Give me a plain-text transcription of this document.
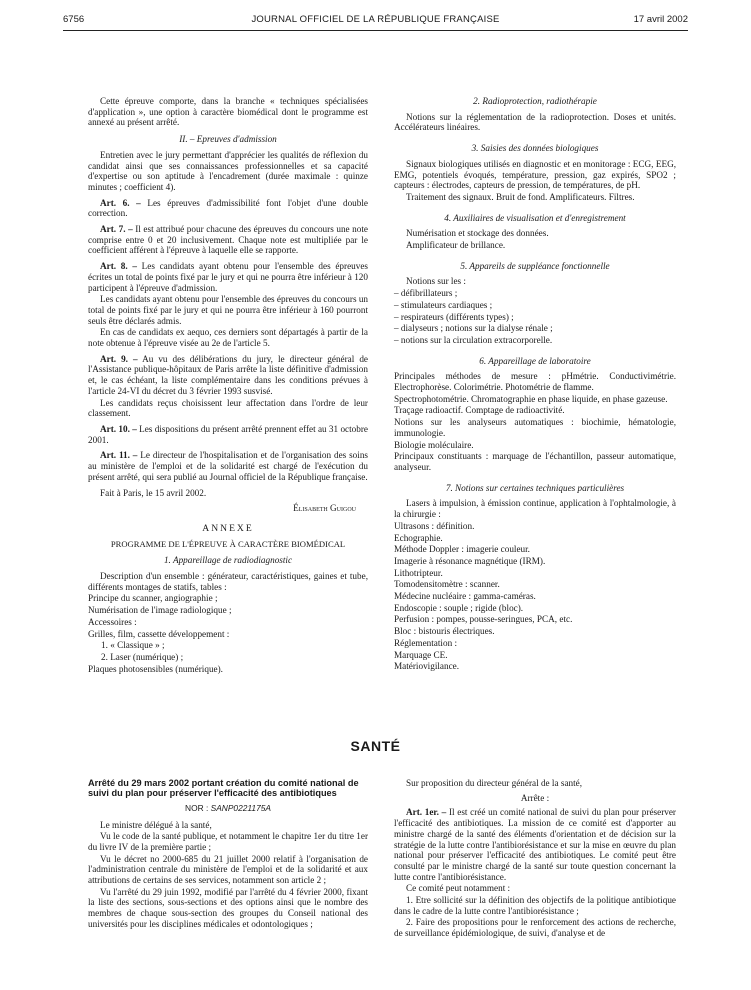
6756	JOURNAL OFFICIEL DE LA RÉPUBLIQUE FRANÇAISE	17 avril 2002

Cette épreuve comporte, dans la branche « techniques spécialisées d'application », une option à caractère biomédical dont le programme est annexé au présent arrêté.

II. – Epreuves d'admission

Entretien avec le jury permettant d'apprécier les qualités de réflexion du candidat ainsi que ses connaissances professionnelles et sa capacité d'expertise ou son aptitude à l'encadrement (durée maximale : quinze minutes ; coefficient 4).

Art. 6. – Les épreuves d'admissibilité font l'objet d'une double correction.

Art. 7. – Il est attribué pour chacune des épreuves du concours une note comprise entre 0 et 20 inclusivement. Chaque note est multipliée par le coefficient afférent à l'épreuve à laquelle elle se rapporte.

Art. 8. – Les candidats ayant obtenu pour l'ensemble des épreuves écrites un total de points fixé par le jury et qui ne pourra être inférieur à 120 participent à l'épreuve d'admission.

Les candidats ayant obtenu pour l'ensemble des épreuves du concours un total de points fixé par le jury et qui ne pourra être inférieur à 160 pourront seuls être déclarés admis.

En cas de candidats ex aequo, ces derniers sont départagés à partir de la note obtenue à l'épreuve visée au 2e de l'article 5.

Art. 9. – Au vu des délibérations du jury, le directeur général de l'Assistance publique-hôpitaux de Paris arrête la liste définitive d'admission et, le cas échéant, la liste complémentaire dans les conditions prévues à l'article 24-VI du décret du 3 février 1993 susvisé.

Les candidats reçus choisissent leur affectation dans l'ordre de leur classement.

Art. 10. – Les dispositions du présent arrêté prennent effet au 31 octobre 2001.

Art. 11. – Le directeur de l'hospitalisation et de l'organisation des soins au ministère de l'emploi et de la solidarité est chargé de l'exécution du présent arrêté, qui sera publié au Journal officiel de la République française.

Fait à Paris, le 15 avril 2002.

Élisabeth Guigou
ANNEXE
PROGRAMME DE L'ÉPREUVE À CARACTÈRE BIOMÉDICAL
1. Appareillage de radiodiagnostic

Description d'un ensemble : générateur, caractéristiques, gaines et tube, différents montages de statifs, tables :

Principe du scanner, angiographie ;

Numérisation de l'image radiologique ;

Accessoires :

Grilles, film, cassette développement :

1. « Classique » ;

2. Laser (numérique) ;

Plaques photosensibles (numérique).

2. Radioprotection, radiothérapie

Notions sur la réglementation de la radioprotection. Doses et unités. Accélérateurs linéaires.

3. Saisies des données biologiques

Signaux biologiques utilisés en diagnostic et en monitorage : ECG, EEG, EMG, potentiels évoqués, température, pression, gaz expirés, SPO2 ; capteurs : électrodes, capteurs de pression, de températures, de pH.

Traitement des signaux. Bruit de fond. Amplificateurs. Filtres.

4. Auxiliaires de visualisation et d'enregistrement

Numérisation et stockage des données.

Amplificateur de brillance.

5. Appareils de suppléance fonctionnelle

Notions sur les :

– défibrillateurs ;

– stimulateurs cardiaques ;

– respirateurs (différents types) ;

– dialyseurs ; notions sur la dialyse rénale ;

– notions sur la circulation extracorporelle.

6. Appareillage de laboratoire

Principales méthodes de mesure : pHmétrie. Conductivimétrie. Electrophorèse. Colorimétrie. Photométrie de flamme.

Spectrophotométrie. Chromatographie en phase liquide, en phase gazeuse.

Traçage radioactif. Comptage de radioactivité.

Notions sur les analyseurs automatiques : biochimie, hématologie, immunologie.

Biologie moléculaire.

Principaux constituants : marquage de l'échantillon, passeur automatique, analyseur.

7. Notions sur certaines techniques particulières

Lasers à impulsion, à émission continue, application à l'ophtalmologie, à la chirurgie :

Ultrasons : définition.

Echographie.

Méthode Doppler : imagerie couleur.

Imagerie à résonance magnétique (IRM).

Lithotripteur.

Tomodensitomètre : scanner.

Médecine nucléaire : gamma-caméras.

Endoscopie : souple ; rigide (bloc).

Perfusion : pompes, pousse-seringues, PCA, etc.

Bloc : bistouris électriques.

Réglementation :

Marquage CE.

Matériovigilance.

SANTÉ
Arrêté du 29 mars 2002 portant création du comité national de suivi du plan pour préserver l'efficacité des antibiotiques
NOR : SANP0221175A

Le ministre délégué à la santé,

Vu le code de la santé publique, et notamment le chapitre 1er du titre 1er du livre IV de la première partie ;

Vu le décret no 2000-685 du 21 juillet 2000 relatif à l'organisation de l'administration centrale du ministère de l'emploi et de la solidarité et aux attributions de certains de ses services, notamment son article 2 ;

Vu l'arrêté du 29 juin 1992, modifié par l'arrêté du 4 février 2000, fixant la liste des sections, sous-sections et des options ainsi que le nombre des membres de chaque sous-section des groupes du Conseil national des universités pour les disciplines médicales et odontologiques ;

Sur proposition du directeur général de la santé,

Arrête :

Art. 1er. – Il est créé un comité national de suivi du plan pour préserver l'efficacité des antibiotiques. La mission de ce comité est d'apporter au ministre chargé de la santé des éléments d'orientation et de décision sur la stratégie de la lutte contre l'antibiorésistance et sur la mise en œuvre du plan national pour préserver l'efficacité des antibiotiques. Le comité peut être consulté par le ministre chargé de la santé sur toute question concernant la lutte contre l'antibiorésistance.

Ce comité peut notamment :

1. Etre sollicité sur la définition des objectifs de la politique antibiotique dans le cadre de la lutte contre l'antibiorésistance ;

2. Faire des propositions pour le renforcement des actions de recherche, de surveillance épidémiologique, de suivi, d'analyse et de
